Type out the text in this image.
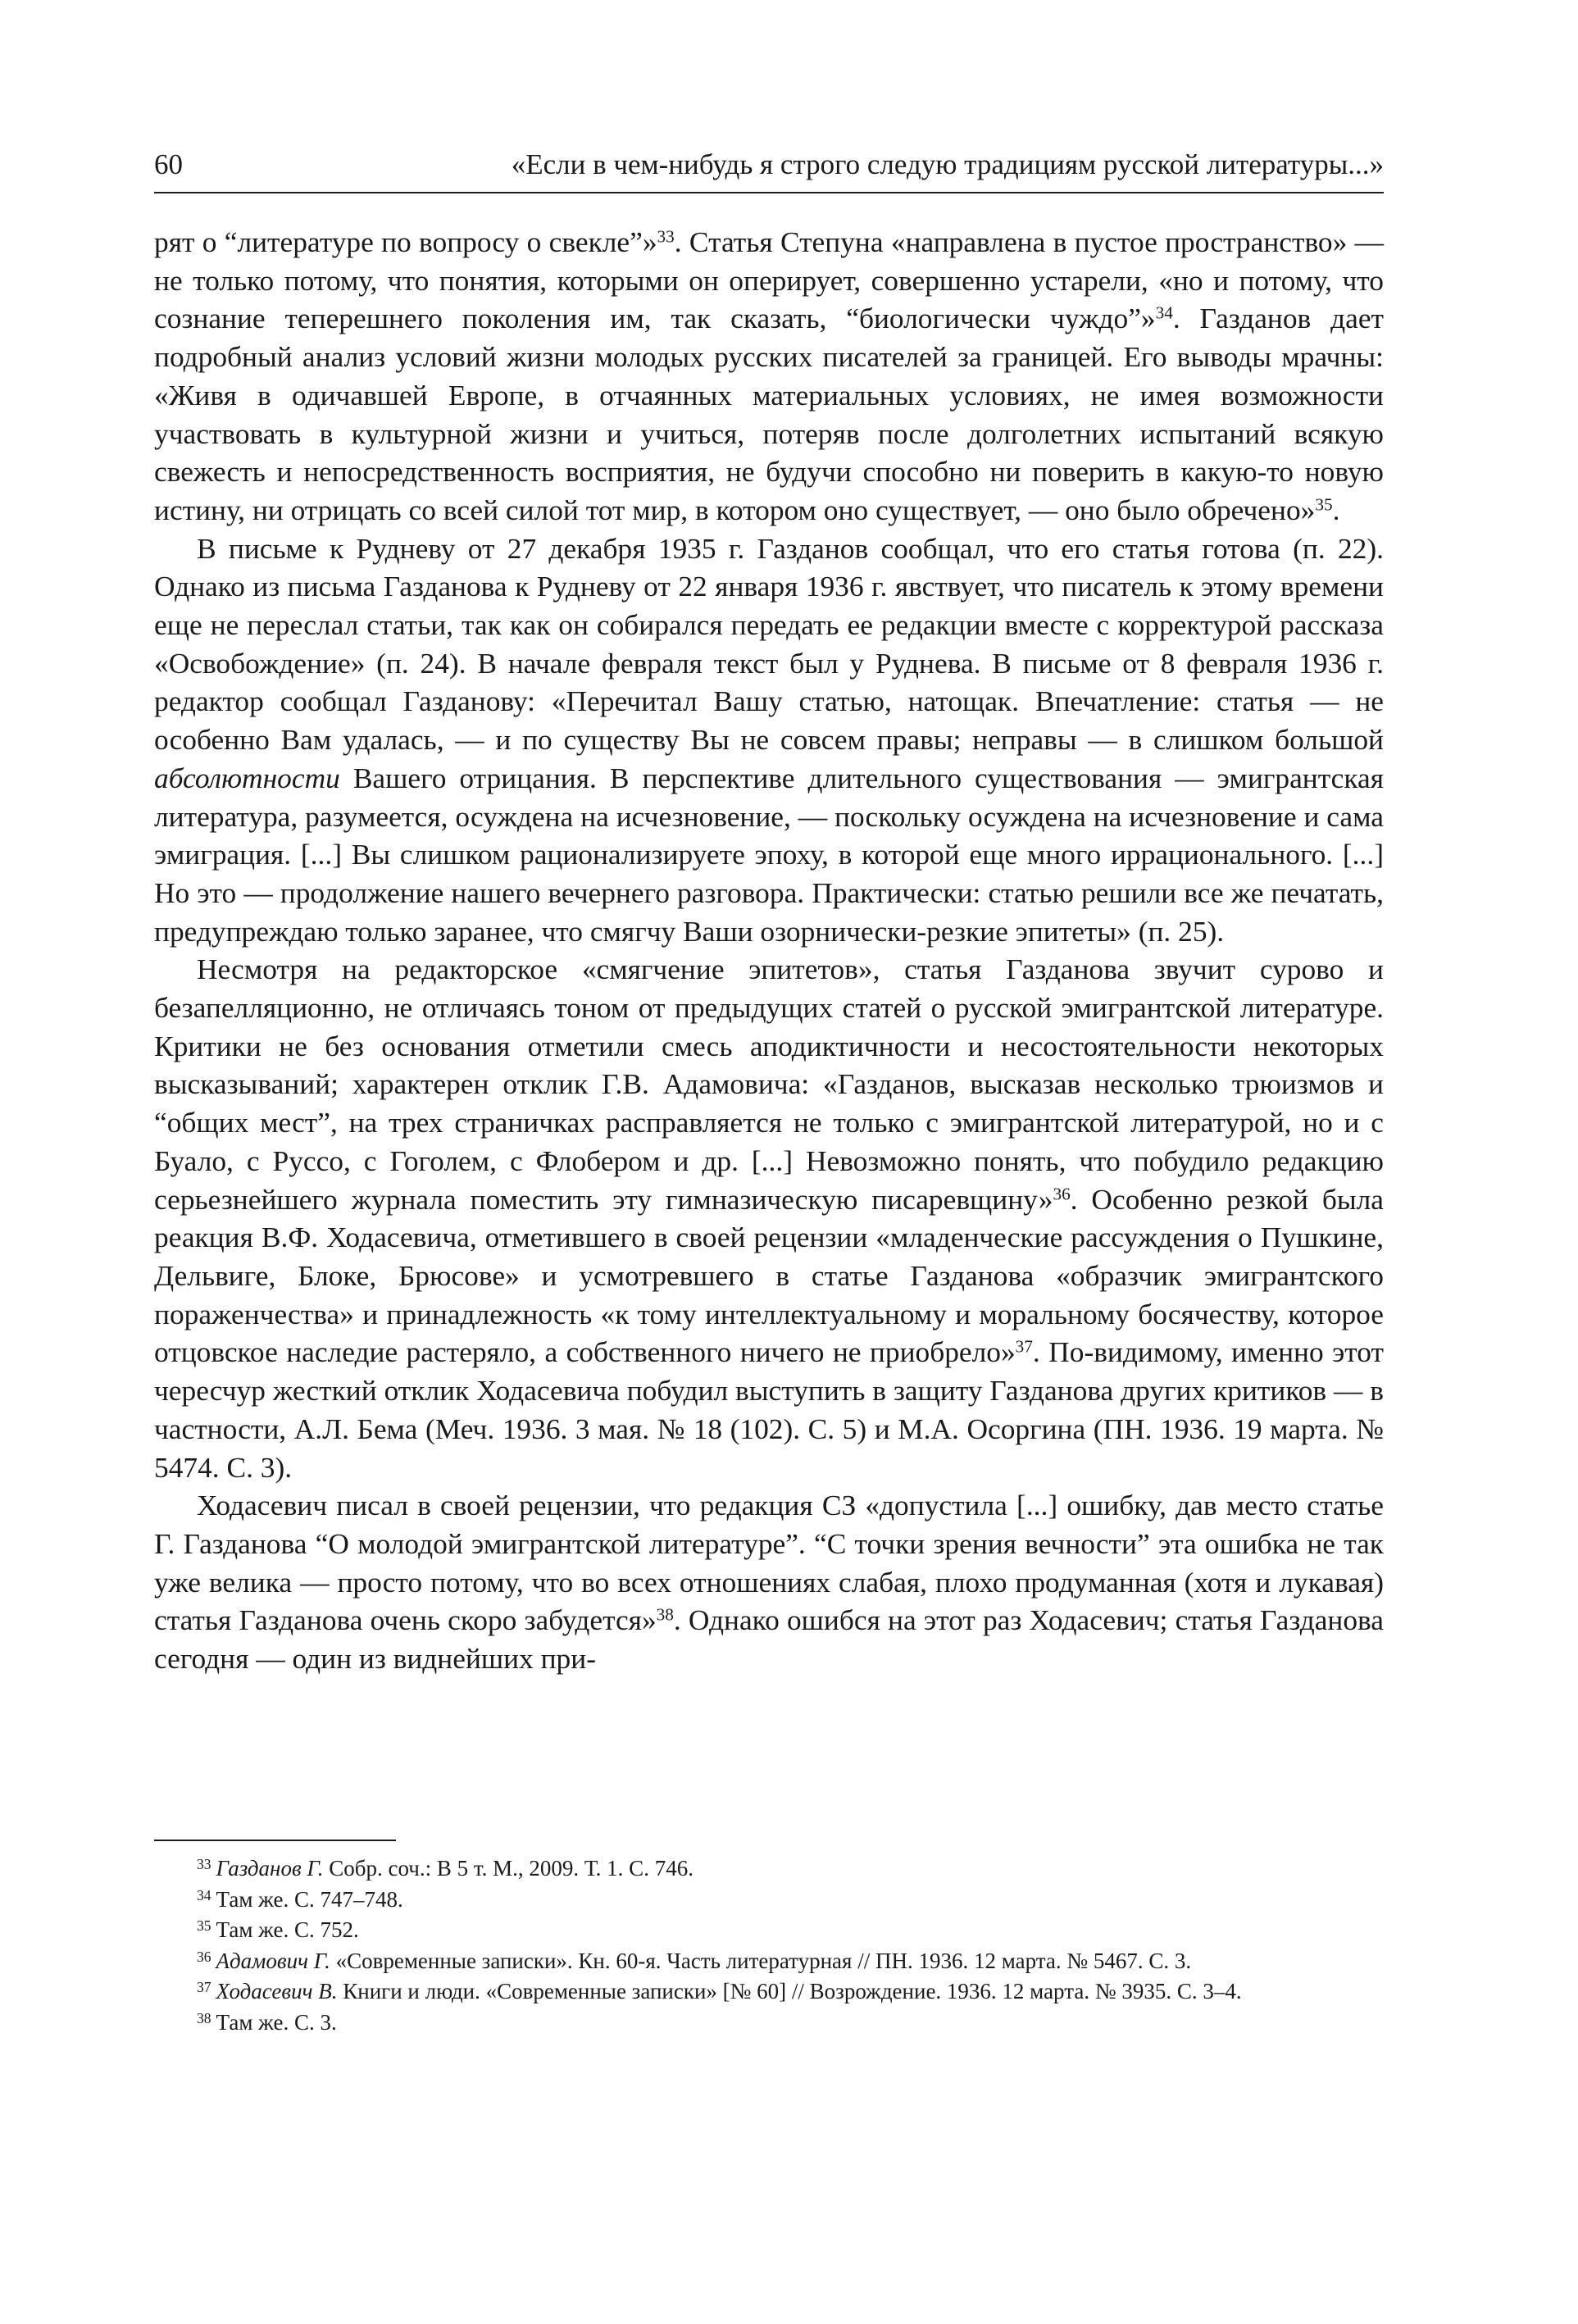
60	«Если в чем-нибудь я строго следую традициям русской литературы...»

рят о “литературе по вопросу о свекле”»$^{33}$. Статья Степуна «направлена в пустое пространство» — не только потому, что понятия, которыми он оперирует, совершенно устарели, «но и потому, что сознание теперешнего поколения им, так сказать, “биологически чуждо”»$^{34}$. Газданов дает подробный анализ условий жизни молодых русских писателей за границей. Его выводы мрачны: «Живя в одичавшей Европе, в отчаянных материальных условиях, не имея возможности участвовать в культурной жизни и учиться, потеряв после долголетних испытаний всякую свежесть и непосредственность восприятия, не будучи способно ни поверить в какую-то новую истину, ни отрицать со всей силой тот мир, в котором оно существует, — оно было обречено»$^{35}$.

В письме к Рудневу от 27 декабря 1935 г. Газданов сообщал, что его статья готова (п. 22). Однако из письма Газданова к Рудневу от 22 января 1936 г. явствует, что писатель к этому времени еще не переслал статьи, так как он собирался передать ее редакции вместе с корректурой рассказа «Освобождение» (п. 24). В начале февраля текст был у Руднева. В письме от 8 февраля 1936 г. редактор сообщал Газданову: «Перечитал Вашу статью, натощак. Впечатление: статья — не особенно Вам удалась, — и по существу Вы не совсем правы; неправы — в слишком большой абсолютности Вашего отрицания. В перспективе длительного существования — эмигрантская литература, разумеется, осуждена на исчезновение, — поскольку осуждена на исчезновение и сама эмиграция. [...] Вы слишком рационализируете эпоху, в которой еще много иррационального. [...] Но это — продолжение нашего вечернего разговора. Практически: статью решили все же печатать, предупреждаю только заранее, что смягчу Ваши озорнически-резкие эпитеты» (п. 25).

Несмотря на редакторское «смягчение эпитетов», статья Газданова звучит сурово и безапелляционно, не отличаясь тоном от предыдущих статей о русской эмигрантской литературе. Критики не без основания отметили смесь аподиктичности и несостоятельности некоторых высказываний; характерен отклик Г.В. Адамовича: «Газданов, высказав несколько трюизмов и “общих мест”, на трех страничках расправляется не только с эмигрантской литературой, но и с Буало, с Руссо, с Гоголем, с Флобером и др. [...] Невозможно понять, что побудило редакцию серьезнейшего журнала поместить эту гимназическую писаревщину»$^{36}$. Особенно резкой была реакция В.Ф. Ходасевича, отметившего в своей рецензии «младенческие рассуждения о Пушкине, Дельвиге, Блоке, Брюсове» и усмотревшего в статье Газданова «образчик эмигрантского пораженчества» и принадлежность «к тому интеллектуальному и моральному босячеству, которое отцовское наследие растеряло, а собственного ничего не приобрело»$^{37}$. По-видимому, именно этот чересчур жесткий отклик Ходасевича побудил выступить в защиту Газданова других критиков — в частности, А.Л. Бема (Меч. 1936. 3 мая. № 18 (102). С. 5) и М.А. Осоргина (ПН. 1936. 19 марта. № 5474. С. 3).

Ходасевич писал в своей рецензии, что редакция СЗ «допустила [...] ошибку, дав место статье Г. Газданова “О молодой эмигрантской литературе”. “С точки зрения вечности” эта ошибка не так уже велика — просто потому, что во всех отношениях слабая, плохо продуманная (хотя и лукавая) статья Газданова очень скоро забудется»$^{38}$. Однако ошибся на этот раз Ходасевич; статья Газданова сегодня — один из виднейших при-

$^{33}$ Газданов Г. Собр. соч.: В 5 т. М., 2009. Т. 1. С. 746.

$^{34}$ Там же. С. 747–748.

$^{35}$ Там же. С. 752.

$^{36}$ Адамович Г. «Современные записки». Кн. 60-я. Часть литературная // ПН. 1936. 12 марта. № 5467. С. 3.

$^{37}$ Ходасевич В. Книги и люди. «Современные записки» [№ 60] // Возрождение. 1936. 12 марта. № 3935. С. 3–4.

$^{38}$ Там же. С. 3.
